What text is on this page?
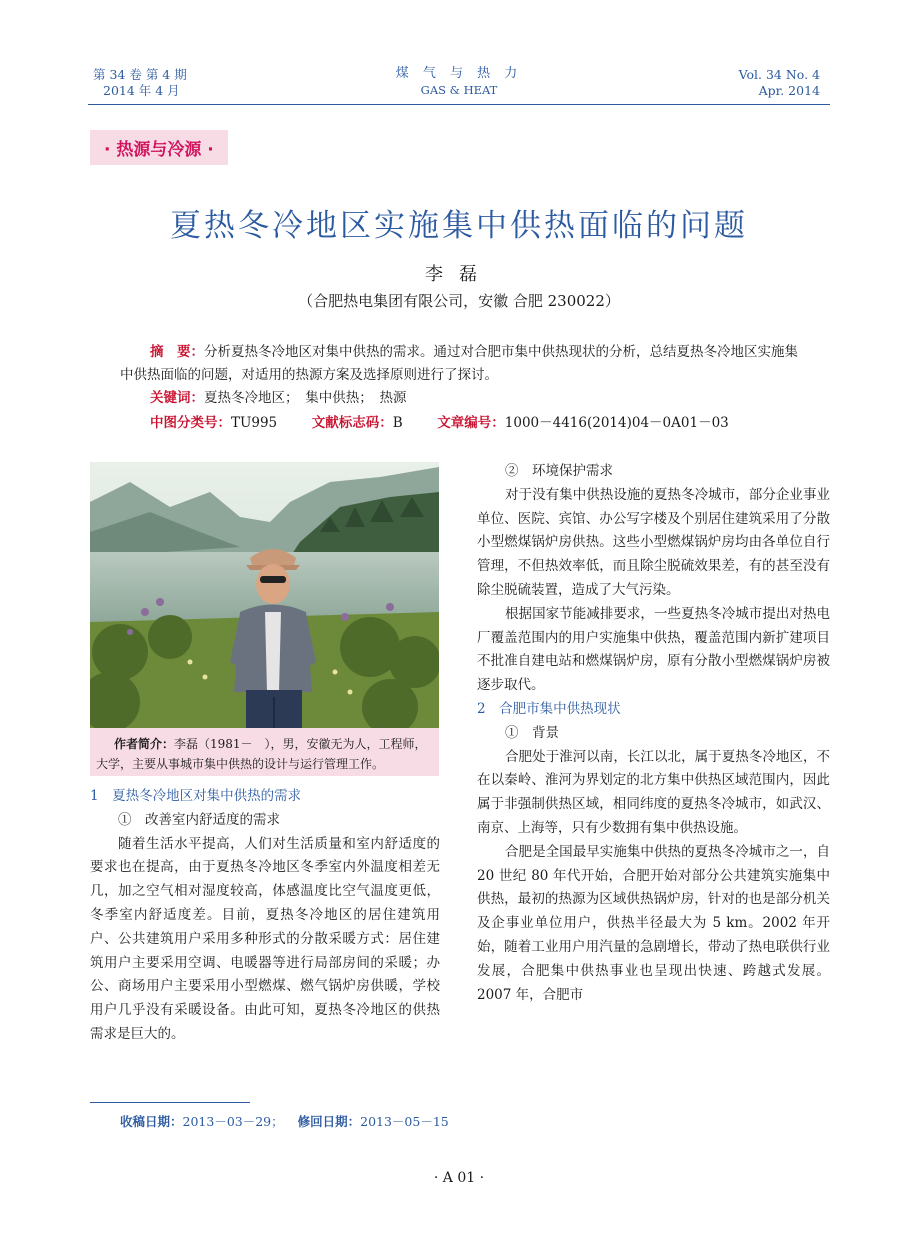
第 34 卷 第 4 期
2014 年 4 月
煤 气 与 热 力
GAS & HEAT
Vol. 34 No. 4
Apr. 2014
· 热源与冷源 ·
夏热冬冷地区实施集中供热面临的问题
李磊
（合肥热电集团有限公司，安徽 合肥 230022）
摘　要：分析夏热冬冷地区对集中供热的需求。通过对合肥市集中供热现状的分析，总结夏热冬冷地区实施集中供热面临的问题，对适用的热源方案及选择原则进行了探讨。
关键词：夏热冬冷地区；　集中供热；　热源
中图分类号：TU995	文献标志码：B	文章编号：1000－4416(2014)04－0A01－03
作者简介：李磊（1981－　），男，安徽无为人，工程师，大学，主要从事城市集中供热的设计与运行管理工作。

1　夏热冬冷地区对集中供热的需求

①　改善室内舒适度的需求

随着生活水平提高，人们对生活质量和室内舒适度的要求也在提高，由于夏热冬冷地区冬季室内外温度相差无几，加之空气相对湿度较高，体感温度比空气温度更低，冬季室内舒适度差。目前，夏热冬冷地区的居住建筑用户、公共建筑用户采用多种形式的分散采暖方式：居住建筑用户主要采用空调、电暖器等进行局部房间的采暖；办公、商场用户主要采用小型燃煤、燃气锅炉房供暖，学校用户几乎没有采暖设备。由此可知，夏热冬冷地区的供热需求是巨大的。

②　环境保护需求

对于没有集中供热设施的夏热冬冷城市，部分企业事业单位、医院、宾馆、办公写字楼及个别居住建筑采用了分散小型燃煤锅炉房供热。这些小型燃煤锅炉房均由各单位自行管理，不但热效率低，而且除尘脱硫效果差，有的甚至没有除尘脱硫装置，造成了大气污染。

根据国家节能减排要求，一些夏热冬冷城市提出对热电厂覆盖范围内的用户实施集中供热，覆盖范围内新扩建项目不批准自建电站和燃煤锅炉房，原有分散小型燃煤锅炉房被逐步取代。

2　合肥市集中供热现状

①　背景

合肥处于淮河以南，长江以北，属于夏热冬冷地区，不在以秦岭、淮河为界划定的北方集中供热区域范围内，因此属于非强制供热区域，相同纬度的夏热冬冷城市，如武汉、南京、上海等，只有少数拥有集中供热设施。

合肥是全国最早实施集中供热的夏热冬冷城市之一，自 20 世纪 80 年代开始，合肥开始对部分公共建筑实施集中供热，最初的热源为区域供热锅炉房，针对的也是部分机关及企事业单位用户，供热半径最大为 5 km。2002 年开始，随着工业用户用汽量的急剧增长，带动了热电联供行业发展，合肥集中供热事业也呈现出快速、跨越式发展。2007 年，合肥市

收稿日期：2013－03－29； 修回日期：2013－05－15
· A 01 ·
